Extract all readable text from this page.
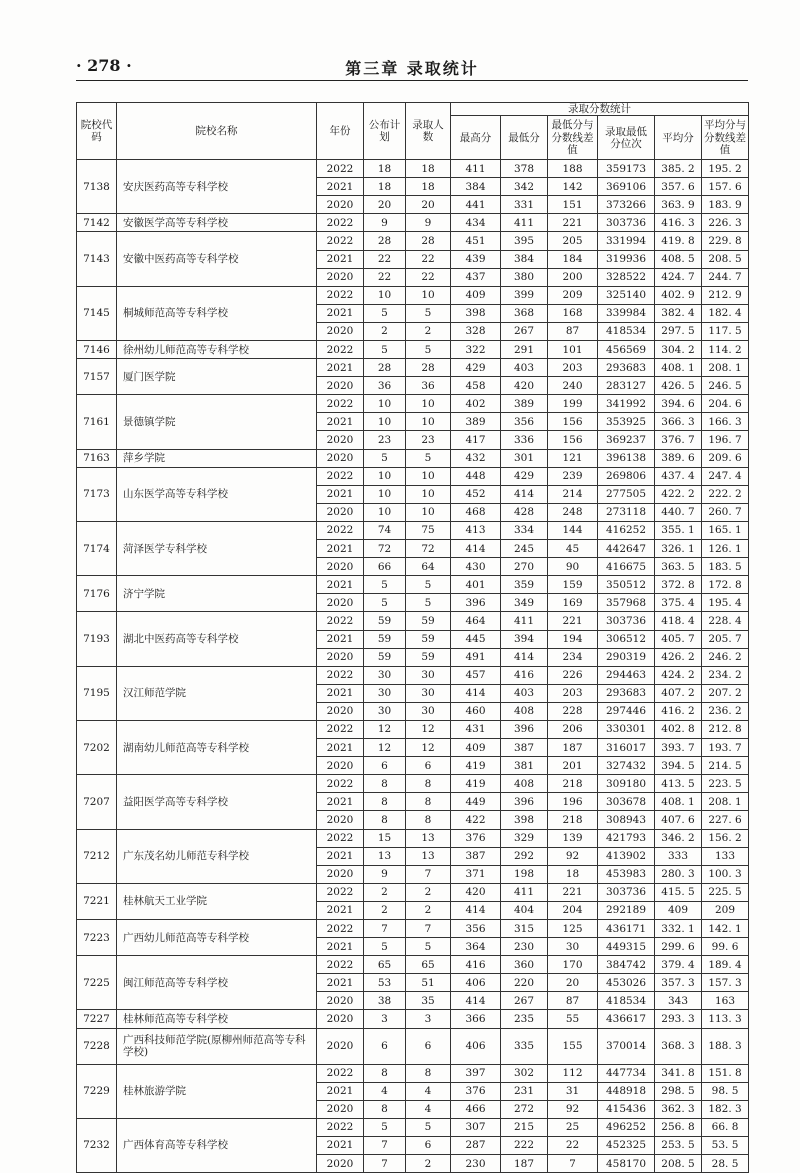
· 278 ·	第三章 录取统计
院校代码	院校名称	年份	公布计划	录取人数	录取分数统计					
					最高分	最低分	最低分与分数线差值	录取最低分位次	平均分	平均分与分数线差值
7138	安庆医药高等专科学校	2022	18	18	411	378	188	359173	385. 2	195. 2
		2021	18	18	384	342	142	369106	357. 6	157. 6
		2020	20	20	441	331	151	373266	363. 9	183. 9
7142	安徽医学高等专科学校	2022	9	9	434	411	221	303736	416. 3	226. 3
7143	安徽中医药高等专科学校	2022	28	28	451	395	205	331994	419. 8	229. 8
		2021	22	22	439	384	184	319936	408. 5	208. 5
		2020	22	22	437	380	200	328522	424. 7	244. 7
7145	桐城师范高等专科学校	2022	10	10	409	399	209	325140	402. 9	212. 9
		2021	5	5	398	368	168	339984	382. 4	182. 4
		2020	2	2	328	267	87	418534	297. 5	117. 5
7146	徐州幼儿师范高等专科学校	2022	5	5	322	291	101	456569	304. 2	114. 2
7157	厦门医学院	2021	28	28	429	403	203	293683	408. 1	208. 1
		2020	36	36	458	420	240	283127	426. 5	246. 5
7161	景德镇学院	2022	10	10	402	389	199	341992	394. 6	204. 6
		2021	10	10	389	356	156	353925	366. 3	166. 3
		2020	23	23	417	336	156	369237	376. 7	196. 7
7163	萍乡学院	2020	5	5	432	301	121	396138	389. 6	209. 6
7173	山东医学高等专科学校	2022	10	10	448	429	239	269806	437. 4	247. 4
		2021	10	10	452	414	214	277505	422. 2	222. 2
		2020	10	10	468	428	248	273118	440. 7	260. 7
7174	菏泽医学专科学校	2022	74	75	413	334	144	416252	355. 1	165. 1
		2021	72	72	414	245	45	442647	326. 1	126. 1
		2020	66	64	430	270	90	416675	363. 5	183. 5
7176	济宁学院	2021	5	5	401	359	159	350512	372. 8	172. 8
		2020	5	5	396	349	169	357968	375. 4	195. 4
7193	湖北中医药高等专科学校	2022	59	59	464	411	221	303736	418. 4	228. 4
		2021	59	59	445	394	194	306512	405. 7	205. 7
		2020	59	59	491	414	234	290319	426. 2	246. 2
7195	汉江师范学院	2022	30	30	457	416	226	294463	424. 2	234. 2
		2021	30	30	414	403	203	293683	407. 2	207. 2
		2020	30	30	460	408	228	297446	416. 2	236. 2
7202	湖南幼儿师范高等专科学校	2022	12	12	431	396	206	330301	402. 8	212. 8
		2021	12	12	409	387	187	316017	393. 7	193. 7
		2020	6	6	419	381	201	327432	394. 5	214. 5
7207	益阳医学高等专科学校	2022	8	8	419	408	218	309180	413. 5	223. 5
		2021	8	8	449	396	196	303678	408. 1	208. 1
		2020	8	8	422	398	218	308943	407. 6	227. 6
7212	广东茂名幼儿师范专科学校	2022	15	13	376	329	139	421793	346. 2	156. 2
		2021	13	13	387	292	92	413902	333	133
		2020	9	7	371	198	18	453983	280. 3	100. 3
7221	桂林航天工业学院	2022	2	2	420	411	221	303736	415. 5	225. 5
		2021	2	2	414	404	204	292189	409	209
7223	广西幼儿师范高等专科学校	2022	7	7	356	315	125	436171	332. 1	142. 1
		2021	5	5	364	230	30	449315	299. 6	99. 6
7225	闽江师范高等专科学校	2022	65	65	416	360	170	384742	379. 4	189. 4
		2021	53	51	406	220	20	453026	357. 3	157. 3
		2020	38	35	414	267	87	418534	343	163
7227	桂林师范高等专科学校	2020	3	3	366	235	55	436617	293. 3	113. 3
7228	广西科技师范学院(原柳州师范高等专科学校)	2020	6	6	406	335	155	370014	368. 3	188. 3
7229	桂林旅游学院	2022	8	8	397	302	112	447734	341. 8	151. 8
		2021	4	4	376	231	31	448918	298. 5	98. 5
		2020	8	4	466	272	92	415436	362. 3	182. 3
7232	广西体育高等专科学校	2022	5	5	307	215	25	496252	256. 8	66. 8
		2021	7	6	287	222	22	452325	253. 5	53. 5
		2020	7	2	230	187	7	458170	208. 5	28. 5
